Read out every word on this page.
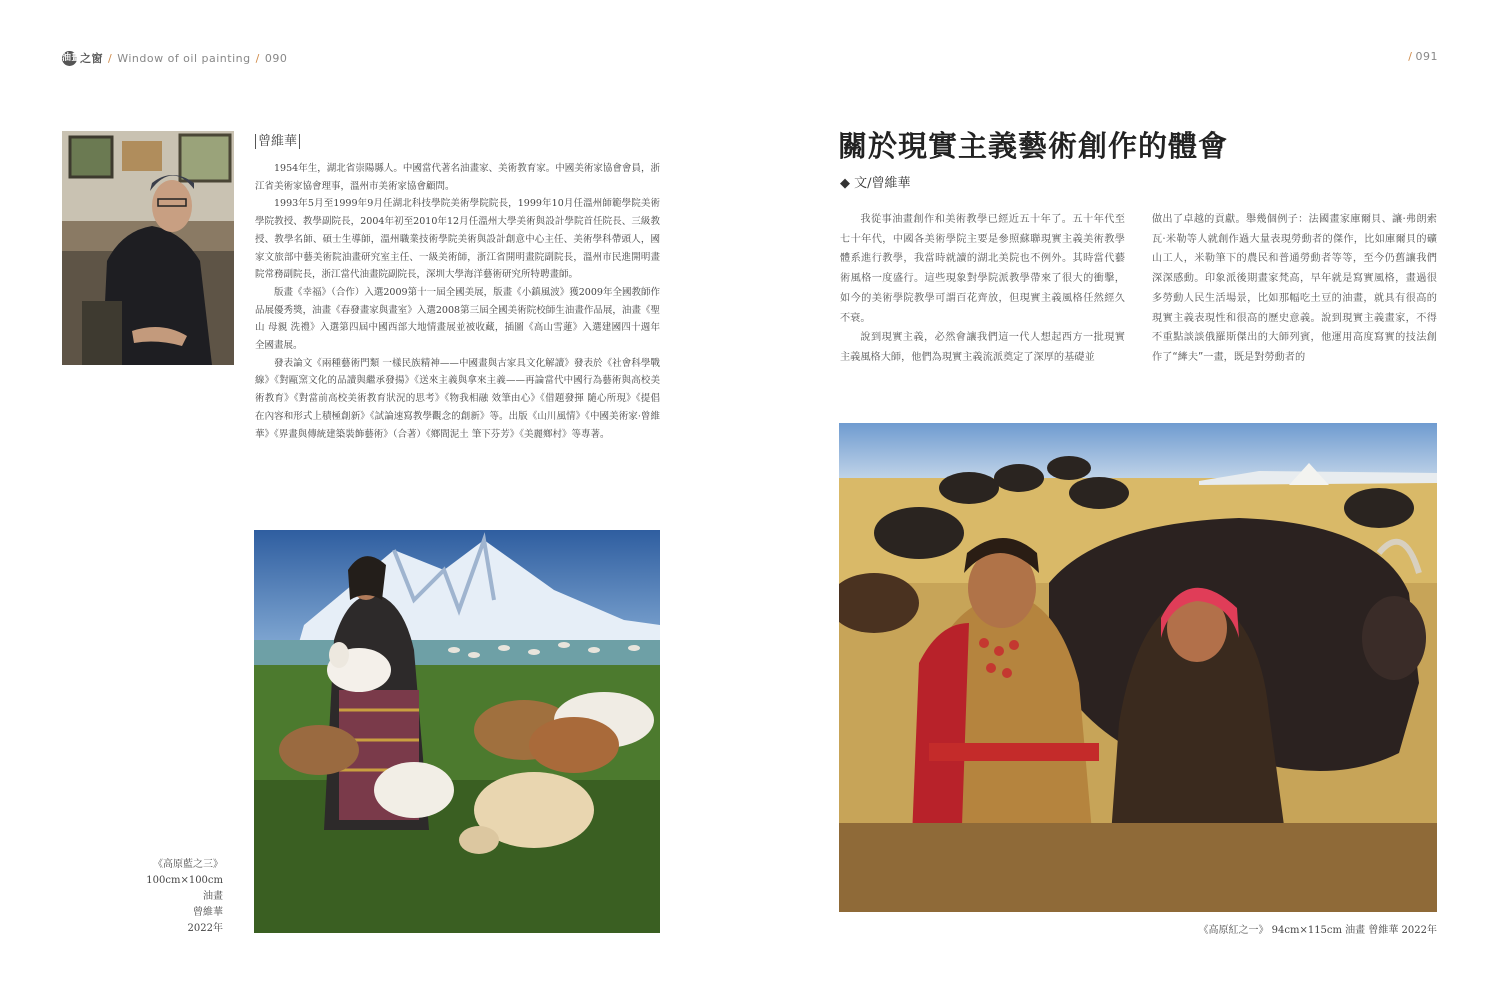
油畫
之窗 / Window of oil painting / 090	/ 091
曾維華

1954年生，湖北省崇陽縣人。中國當代著名油畫家、美術教育家。中國美術家協會會員，浙江省美術家協會理事，溫州市美術家協會顧問。

1993年5月至1999年9月任湖北科技學院美術學院院長，1999年10月任溫州師範學院美術學院教授、教學副院長，2004年初至2010年12月任溫州大學美術與設計學院首任院長、三級教授、教學名師、碩士生導師，溫州職業技術學院美術與設計創意中心主任、美術學科帶頭人，國家文旅部中藝美術院油畫研究室主任、一級美術師，浙江省開明畫院副院長，溫州市民進開明畫院常務副院長，浙江當代油畫院副院長，深圳大學海洋藝術研究所特聘畫師。

版畫《幸福》（合作）入選2009第十一屆全國美展，版畫《小鎮風波》獲2009年全國教師作品展優秀獎，油畫《春發畫家與畫室》入選2008第三屆全國美術院校師生油畫作品展，油畫《聖山 母親 洗禮》入選第四屆中國西部大地情畫展並被收藏，插圖《高山雪蓮》入選建國四十週年全國畫展。

發表論文《兩種藝術門類 一樣民族精神——中國畫與古家具文化解讀》發表於《社會科學戰線》《對甌窯文化的品讀與繼承發揚》《送來主義與拿來主義——再論當代中國行為藝術與高校美術教育》《對當前高校美術教育狀況的思考》《物我相融 效筆由心》《借題發揮 隨心所現》《提倡在內容和形式上積極創新》《試論速寫教學觀念的創新》等。出版《山川風情》《中國美術家·曾維華》《界畫與傳統建築裝飾藝術》（合著）《鄉間泥土 筆下芬芳》《美麗鄉村》等專著。

《高原藍之三》
100cm×100cm
油畫
曾維華
2022年
關於現實主義藝術創作的體會
◆ 文/曾維華

我從事油畫創作和美術教學已經近五十年了。五十年代至七十年代，中國各美術學院主要是參照蘇聯現實主義美術教學體系進行教學，我當時就讀的湖北美院也不例外。其時當代藝術風格一度盛行。這些現象對學院派教學帶來了很大的衝擊，如今的美術學院教學可謂百花齊放，但現實主義風格任然經久不衰。

說到現實主義，必然會讓我們這一代人想起西方一批現實主義風格大師，他們為現實主義流派奠定了深厚的基礎並

做出了卓越的貢獻。舉幾個例子：法國畫家庫爾貝、讓·弗朗索瓦·米勒等人就創作過大量表現勞動者的傑作，比如庫爾貝的礦山工人，米勒筆下的農民和普通勞動者等等，至今仍舊讓我們深深感動。印象派後期畫家梵高，早年就是寫實風格，畫過很多勞動人民生活場景，比如那幅吃土豆的油畫，就具有很高的現實主義表現性和很高的歷史意義。說到現實主義畫家，不得不重點談談俄羅斯傑出的大師列賓，他運用高度寫實的技法創作了“縴夫”一畫，既是對勞動者的

《高原紅之一》 94cm×115cm 油畫 曾維華 2022年
